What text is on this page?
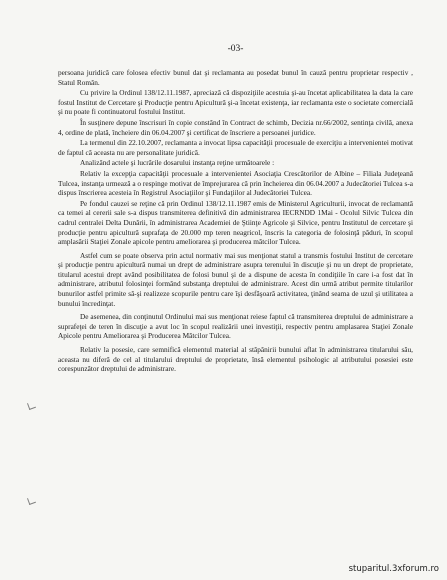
-03-

persoana juridică care folosea efectiv bunul dat şi reclamanta au posedat bunul în cauză pentru proprietar respectiv , Statul Român.

Cu privire la Ordinul 138/12.11.1987, apreciază că dispoziţiile acestuia şi-au încetat aplicabilitatea la data la care fostul Institut de Cercetare şi Producţie pentru Apicultură şi-a încetat existenţa, iar reclamanta este o societate comercială şi nu poate fi continuatorul fostului Institut.

În susţinere depune înscrisuri în copie constând în Contract de schimb, Decizia nr.66/2002, sentinţa civilă, anexa 4, ordine de plată, încheiere din 06.04.2007 şi certificat de înscriere a persoanei juridice.

La termenul din 22.10.2007, reclamanta a invocat lipsa capacităţii procesuale de exerciţiu a intervenientei motivat de faptul că aceasta nu are personalitate juridică.

Analizând actele şi lucrările dosarului instanţa reţine următoarele :

Relativ la excepţia capacităţii procesuale a intervenientei Asociaţia Crescătorilor de Albine – Filiala Judeţeană Tulcea, instanţa urmează a o respinge motivat de împrejurarea că prin încheierea din 06.04.2007 a Judecătoriei Tulcea s-a dispus înscrierea acesteia în Registrul Asociaţiilor şi Fundaţiilor al Judecătoriei Tulcea.

Pe fondul cauzei se reţine că prin Ordinul 138/12.11.1987 emis de Ministerul Agriculturii, invocat de reclamantă ca temei al cererii sale s-a dispus transmiterea definitivă din administrarea IECRNDD 1Mai - Ocolul Silvic Tulcea din cadrul centralei Delta Dunării, în administrarea Academiei de Ştiinţe Agricole şi Silvice, pentru Institutul de cercetare şi producţie pentru apicultură suprafaţa de 20.000 mp teren neagricol, înscris la categoria de folosinţă păduri, în scopul amplasării Staţiei Zonale apicole pentru ameliorarea şi producerea mătcilor Tulcea.

Astfel cum se poate observa prin actul normativ mai sus menţionat statul a transmis fostului Institut de cercetare şi producţie pentru apicultură numai un drept de administrare asupra terenului în discuţie şi nu un drept de proprietate, titularul acestui drept având posibilitatea de folosi bunul şi de a dispune de acesta în condiţiile în care i-a fost dat în administrare, atributul folosinţei formând substanţa dreptului de administrare. Acest din urmă atribut permite titularilor bunurilor astfel primite să-şi realizeze scopurile pentru care îşi desfăşoară activitatea, ţinând seama de uzul şi utilitatea a bunului încredinţat.

De asemenea, din conţinutul Ordinului mai sus menţionat reiese faptul că transmiterea dreptului de administrare a suprafeţei de teren în discuţie a avut loc în scopul realizării unei investiţii, respectiv pentru amplasarea Staţiei Zonale Apicole pentru Ameliorarea şi Producerea Mătcilor Tulcea.

Relativ la posesie, care semnifică elementul material al stăpânirii bunului aflat în administrarea titularului său, aceasta nu diferă de cel al titularului dreptului de proprietate, însă elementul psihologic al atributului posesiei este corespunzător dreptului de administrare.

stuparitul.3xforum.ro
